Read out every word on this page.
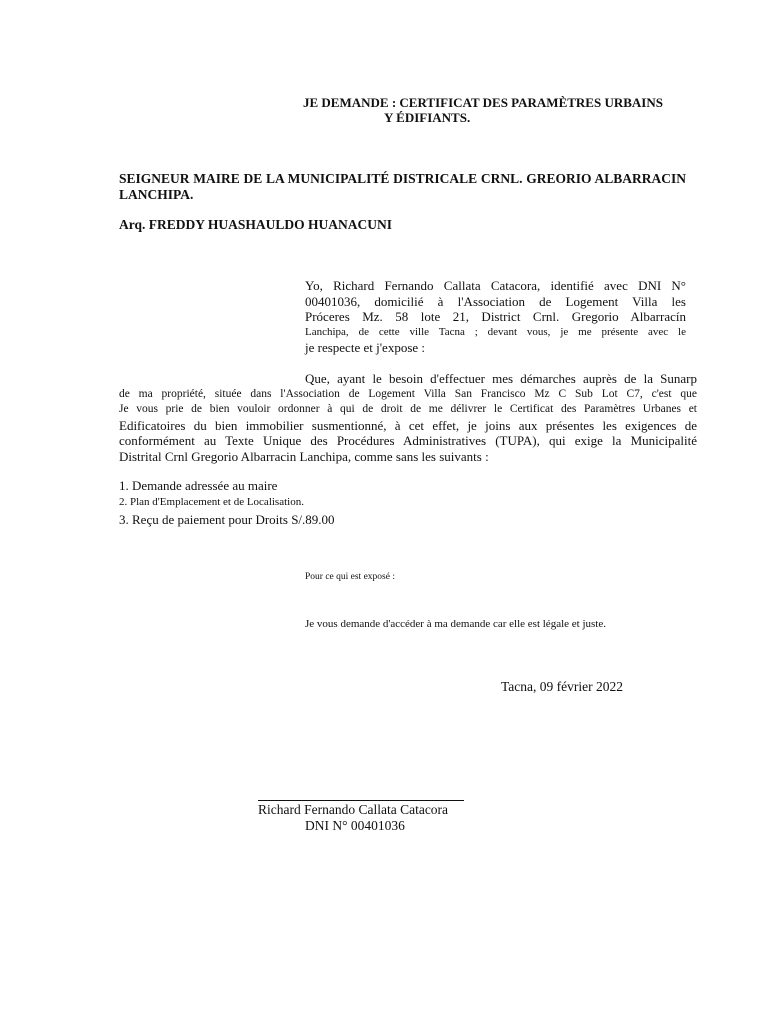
JE DEMANDE : CERTIFICAT DES PARAMÈTRES URBAINS
Y ÉDIFIANTS.
SEIGNEUR MAIRE DE LA MUNICIPALITÉ DISTRICALE CRNL. GREORIO ALBARRACIN LANCHIPA.
Arq. FREDDY HUASHAULDO HUANACUNI
Yo, Richard Fernando Callata Catacora, identifié avec DNI N°
00401036, domicilié à l'Association de Logement Villa les
Próceres Mz. 58 lote 21, District Crnl. Gregorio Albarracín
Lanchipa, de cette ville Tacna ; devant vous, je me présente avec le
je respecte et j'expose :
Que, ayant le besoin d'effectuer mes démarches auprès de la Sunarp
de ma propriété, située dans l'Association de Logement Villa San Francisco Mz C Sub Lot C7, c'est que
Je vous prie de bien vouloir ordonner à qui de droit de me délivrer le Certificat des Paramètres Urbanes et
Edificatoires du bien immobilier susmentionné, à cet effet, je joins aux présentes les exigences de
conformément au Texte Unique des Procédures Administratives (TUPA), qui exige la Municipalité
Distrital Crnl Gregorio Albarracin Lanchipa, comme sans les suivants :
1. Demande adressée au maire
2. Plan d'Emplacement et de Localisation.
3. Reçu de paiement pour Droits S/.89.00
Pour ce qui est exposé :
Je vous demande d'accéder à ma demande car elle est légale et juste.
Tacna, 09 février 2022
Richard Fernando Callata Catacora
DNI N° 00401036
